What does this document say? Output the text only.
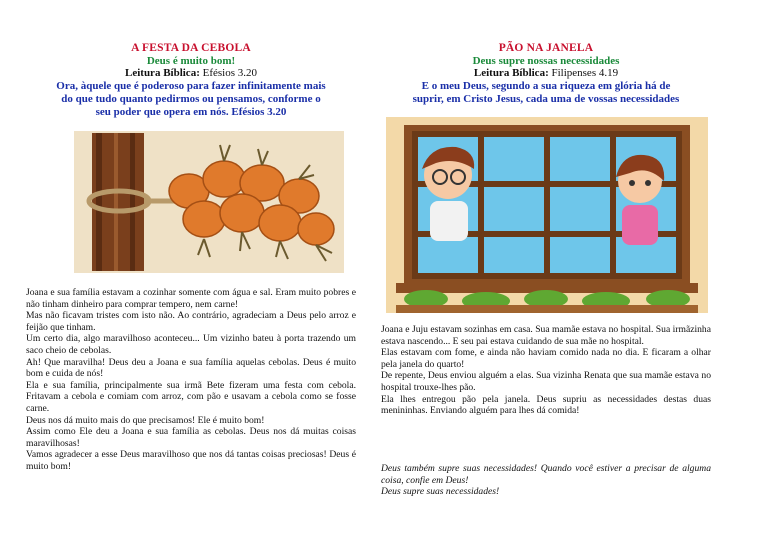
A FESTA DA CEBOLA
Deus é muito bom!
Leitura Bíblica: Efésios 3.20
Ora, àquele que é poderoso para fazer infinitamente mais
do que tudo quanto pedirmos ou pensamos, conforme o
seu poder que opera em nós. Efésios 3.20

Joana e sua família estavam a cozinhar somente com água e sal. Eram muito pobres e não tinham dinheiro para comprar tempero, nem carne!

Mas não ficavam tristes com isto não. Ao contrário, agradeciam a Deus pelo arroz e feijão que tinham.

Um certo dia, algo maravilhoso aconteceu... Um vizinho bateu à porta trazendo um saco cheio de cebolas.

Ah! Que maravilha! Deus deu a Joana e sua família aquelas cebolas. Deus é muito bom e cuida de nós!

Ela e sua família, principalmente sua irmã Bete fizeram uma festa com cebola. Fritavam a cebola e comiam com arroz, com pão e usavam a cebola como se fosse carne.

Deus nos dá muito mais do que precisamos! Ele é muito bom!

Assim como Ele deu a Joana e sua família as cebolas. Deus nos dá muitas coisas maravilhosas!

Vamos agradecer a esse Deus maravilhoso que nos dá tantas coisas preciosas! Deus é muito bom!

PÃO NA JANELA
Deus supre nossas necessidades
Leitura Bíblica: Filipenses 4.19
E o meu Deus, segundo a sua riqueza em glória há de
suprir, em Cristo Jesus, cada uma de vossas necessidades

Joana e Juju estavam sozinhas em casa. Sua mamãe estava no hospital. Sua irmãzinha estava nascendo... E seu pai estava cuidando de sua mãe no hospital.

Elas estavam com fome, e ainda não haviam comido nada no dia. E ficaram a olhar pela janela do quarto!

De repente, Deus enviou alguém a elas. Sua vizinha Renata que sua mamãe estava no hospital trouxe-lhes pão.

Ela lhes entregou pão pela janela. Deus supriu as necessidades destas duas menininhas. Enviando alguém para lhes dá comida!

Deus também supre suas necessidades! Quando você estiver a precisar de alguma coisa, confie em Deus!

Deus supre suas necessidades!
